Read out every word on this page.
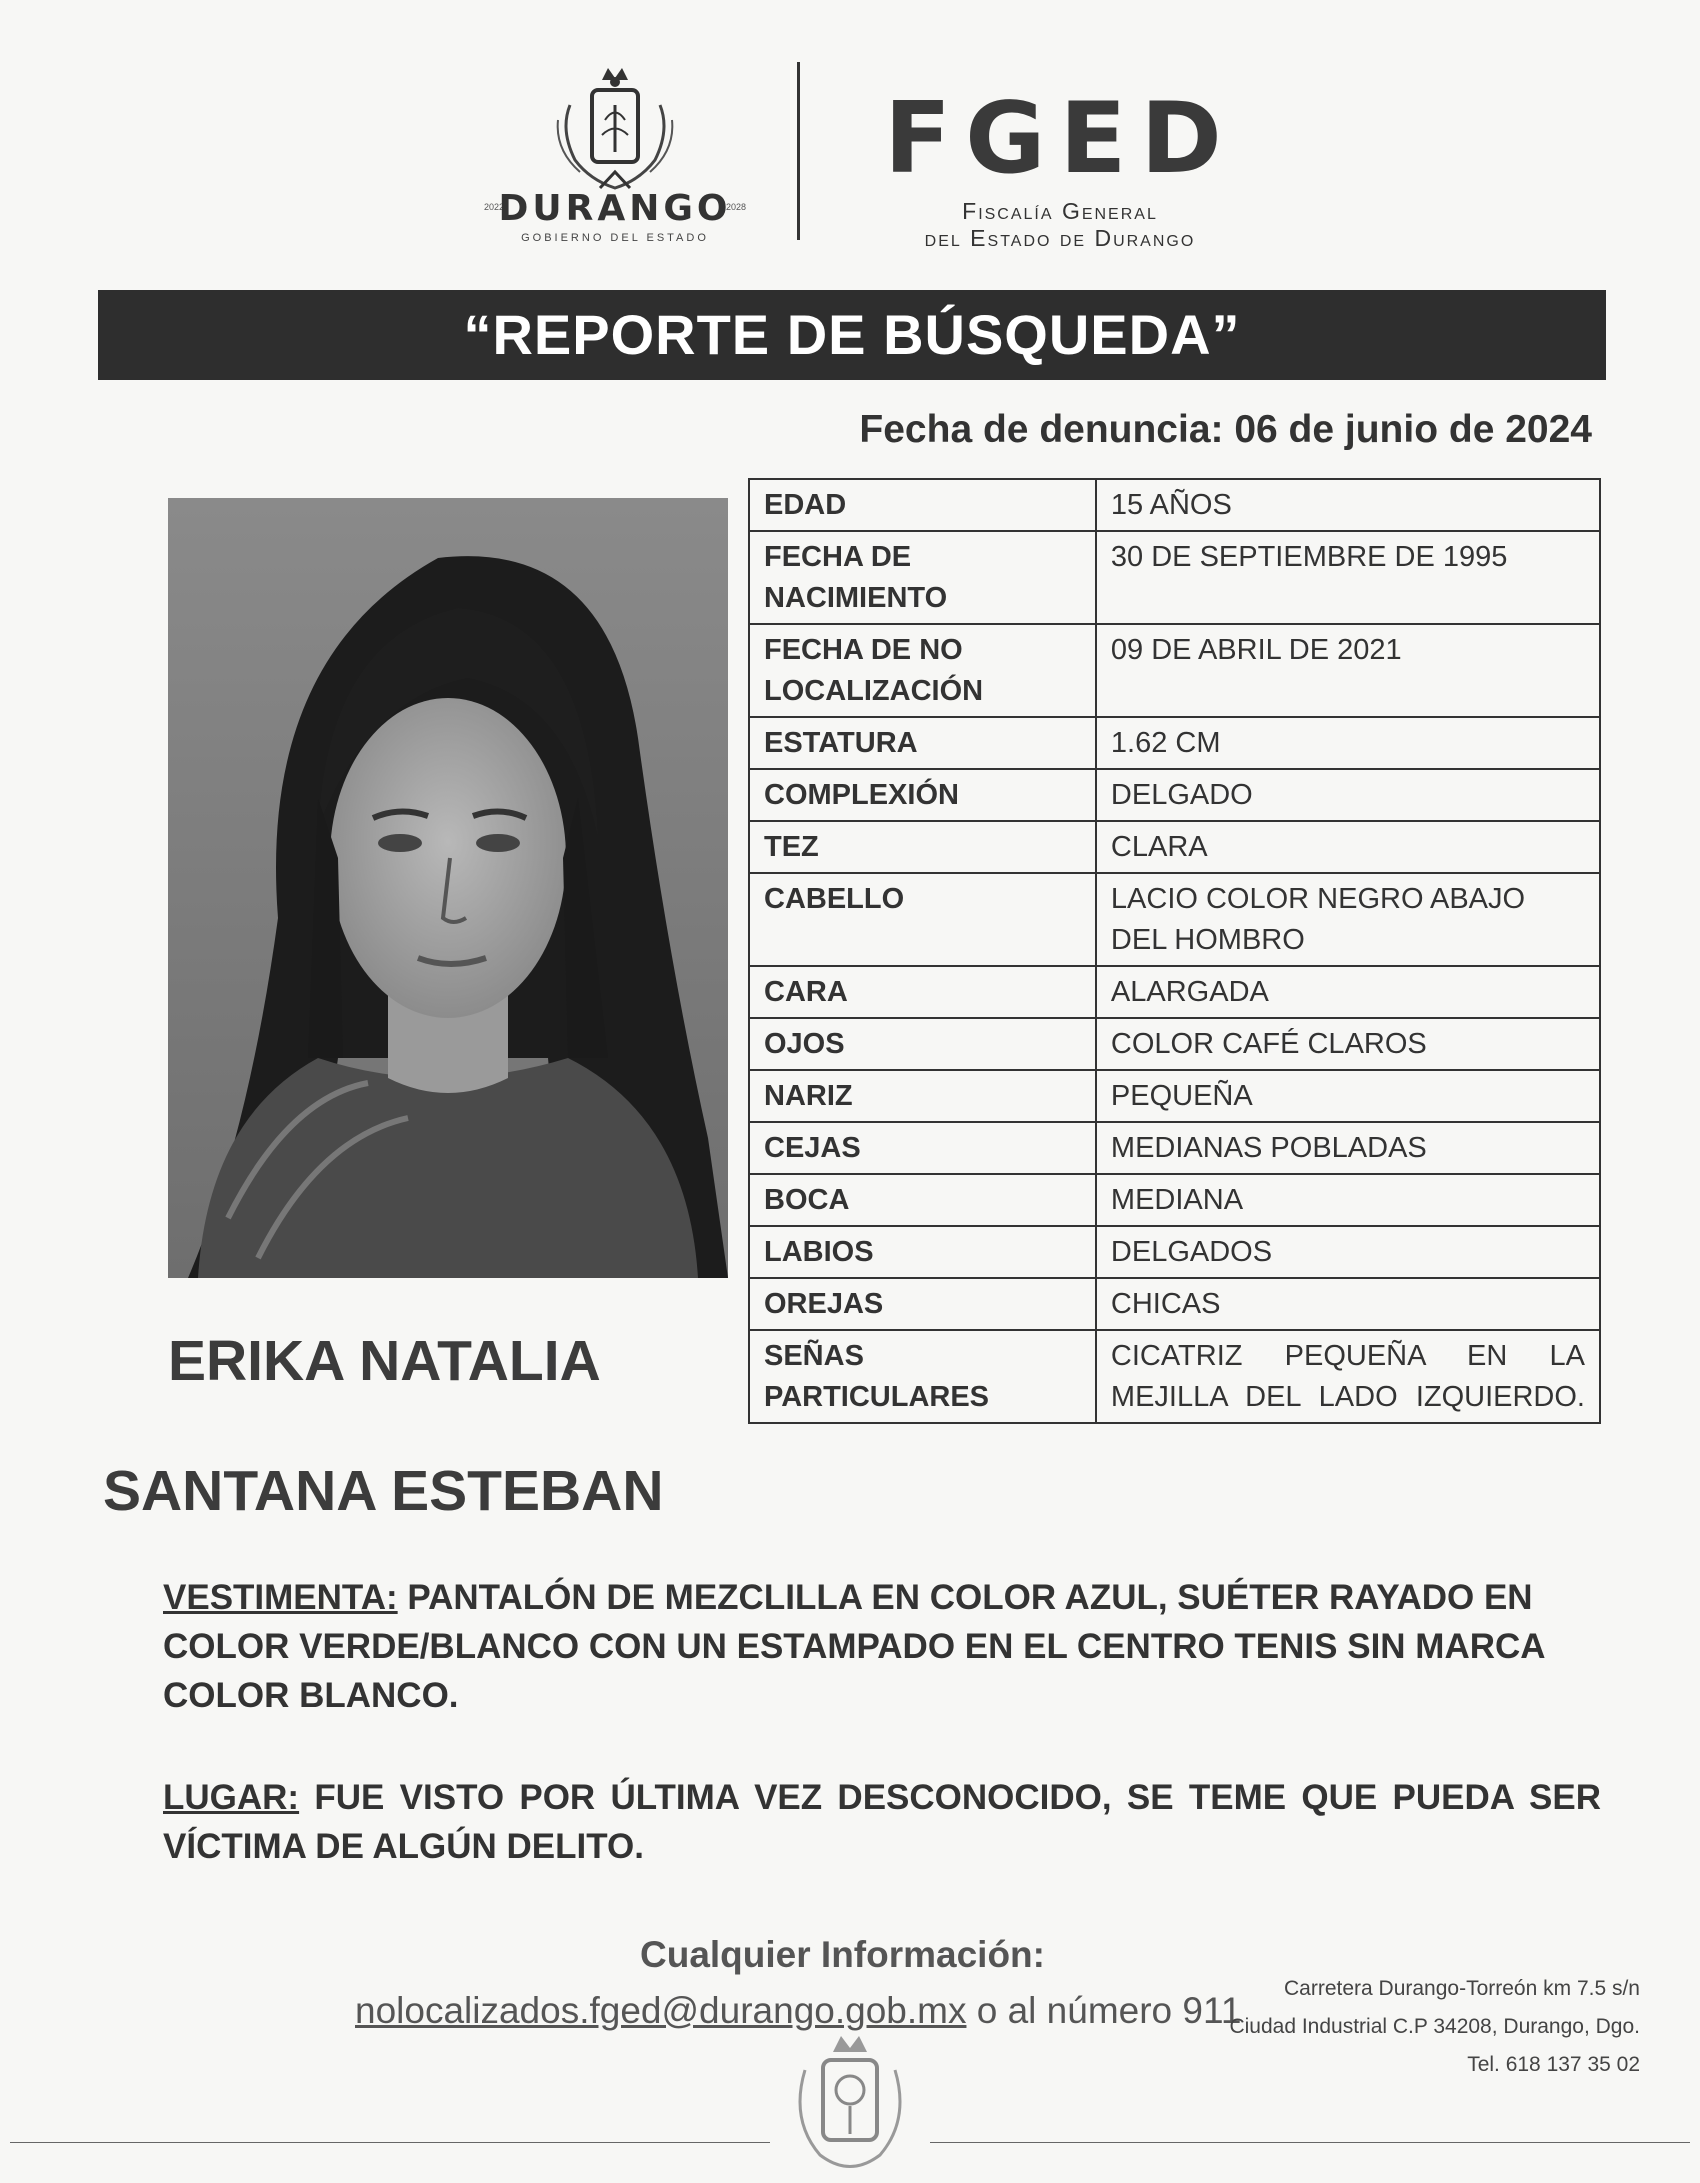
2022	2028
DURANGO
GOBIERNO DEL ESTADO
FGED
Fiscalía General
del Estado de Durango
“REPORTE DE BÚSQUEDA”
Fecha de denuncia: 06 de junio de 2024
EDAD	15 AÑOS
FECHA DE NACIMIENTO	30 DE SEPTIEMBRE DE 1995
FECHA DE NO LOCALIZACIÓN	09 DE ABRIL DE 2021
ESTATURA	1.62 CM
COMPLEXIÓN	DELGADO
TEZ	CLARA
CABELLO	LACIO COLOR NEGRO ABAJO DEL HOMBRO
CARA	ALARGADA
OJOS	COLOR CAFÉ CLAROS
NARIZ	PEQUEÑA
CEJAS	MEDIANAS POBLADAS
BOCA	MEDIANA
LABIOS	DELGADOS
OREJAS	CHICAS
SEÑAS PARTICULARES	CICATRIZ PEQUEÑA EN LA MEJILLA DEL LADO IZQUIERDO.
ERIKA NATALIA
SANTANA ESTEBAN
VESTIMENTA: PANTALÓN DE MEZCLILLA EN COLOR AZUL, SUÉTER RAYADO EN COLOR VERDE/BLANCO CON UN ESTAMPADO EN EL CENTRO TENIS SIN MARCA COLOR BLANCO.
LUGAR: FUE VISTO POR ÚLTIMA VEZ DESCONOCIDO, SE TEME QUE PUEDA SER VÍCTIMA DE ALGÚN DELITO.
Cualquier Información:
nolocalizados.fged@durango.gob.mx o al número 911
Carretera Durango-Torreón km 7.5 s/n
Ciudad Industrial C.P 34208, Durango, Dgo.
Tel. 618 137 35 02
